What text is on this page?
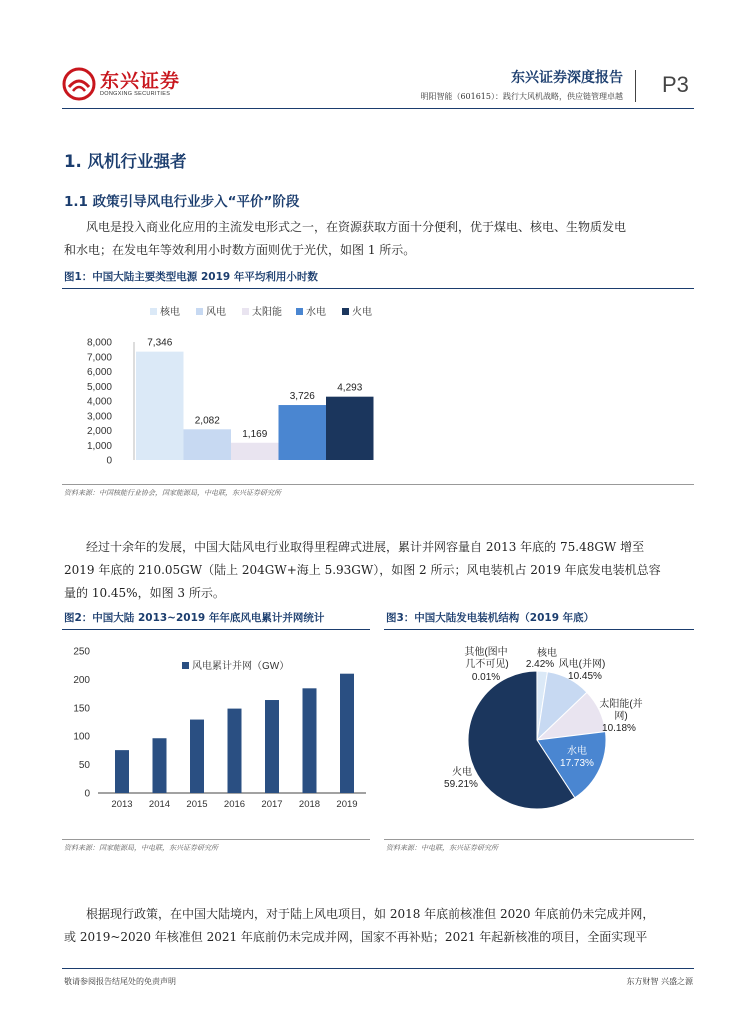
东兴证券
DONGXING SECURITIES
东兴证券深度报告
明阳智能（601615）：践行大风机战略，供应链管理卓越 P3
1. 风机行业强者
1.1 政策引导风电行业步入“平价”阶段
风电是投入商业化应用的主流发电形式之一，在资源获取方面十分便利，优于煤电、核电、生物质发电
和水电；在发电年等效利用小时数方面则优于光伏，如图 1 所示。
图1：中国大陆主要类型电源 2019 年平均利用小时数
核电	风电	太阳能 水电	火电
0
1,000
2,000
3,000
4,000
5,000
6,000
7,000
8,000	7,346
2,082
1,169
3,726
4,293
资料来源：中国核能行业协会，国家能源局，中电联，东兴证券研究所
经过十余年的发展，中国大陆风电行业取得里程碑式进展，累计并网容量自 2013 年底的 75.48GW 增至
2019 年底的 210.05GW（陆上 204GW+海上 5.93GW），如图 2 所示；风电装机占 2019 年底发电装机总容
量的 10.45%，如图 3 所示。
图2：中国大陆 2013~2019 年年底风电累计并网统计	图3：中国大陆发电装机结构（2019 年底）
0
50
100
150
200
250
风电累计并网（GW）
2013 2014 2015 2016 2017 2018 2019
核电
2.42% 风电(并网)
10.45%
太阳能(并
网)
10.18%
水电
17.73%
火电
59.21%
其他(图中
几不可见)
0.01%
资料来源：国家能源局，中电联，东兴证券研究所	资料来源：中电联，东兴证券研究所
根据现行政策，在中国大陆境内，对于陆上风电项目，如 2018 年底前核准但 2020 年底前仍未完成并网，
或 2019~2020 年核准但 2021 年底前仍未完成并网，国家不再补贴；2021 年起新核准的项目，全面实现平
敬请参阅报告结尾处的免责声明	东方财智 兴盛之源
